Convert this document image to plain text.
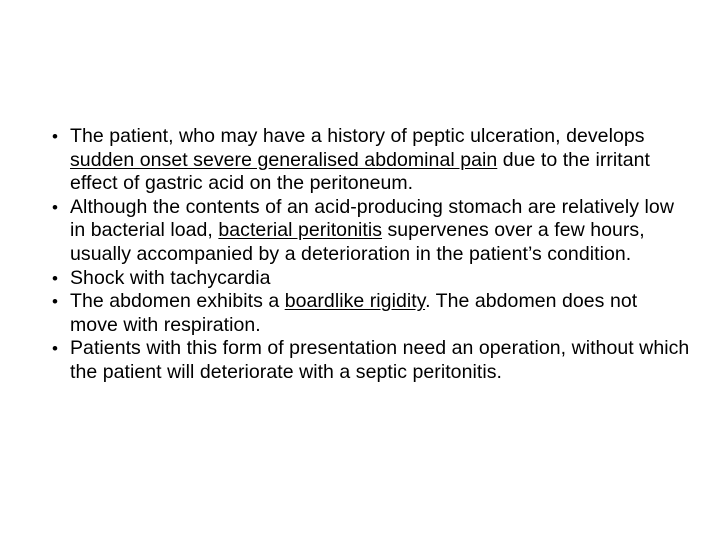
• The patient, who may have a history of peptic ulceration, develops sudden onset severe generalised abdominal pain due to the irritant effect of gastric acid on the peritoneum.
• Although the contents of an acid-producing stomach are relatively low in bacterial load, bacterial peritonitis supervenes over a few hours, usually accompanied by a deterioration in the patient’s condition.
• Shock with tachycardia
• The abdomen exhibits a boardlike rigidity. The abdomen does not move with respiration.
• Patients with this form of presentation need an operation, without which the patient will deteriorate with a septic peritonitis.
